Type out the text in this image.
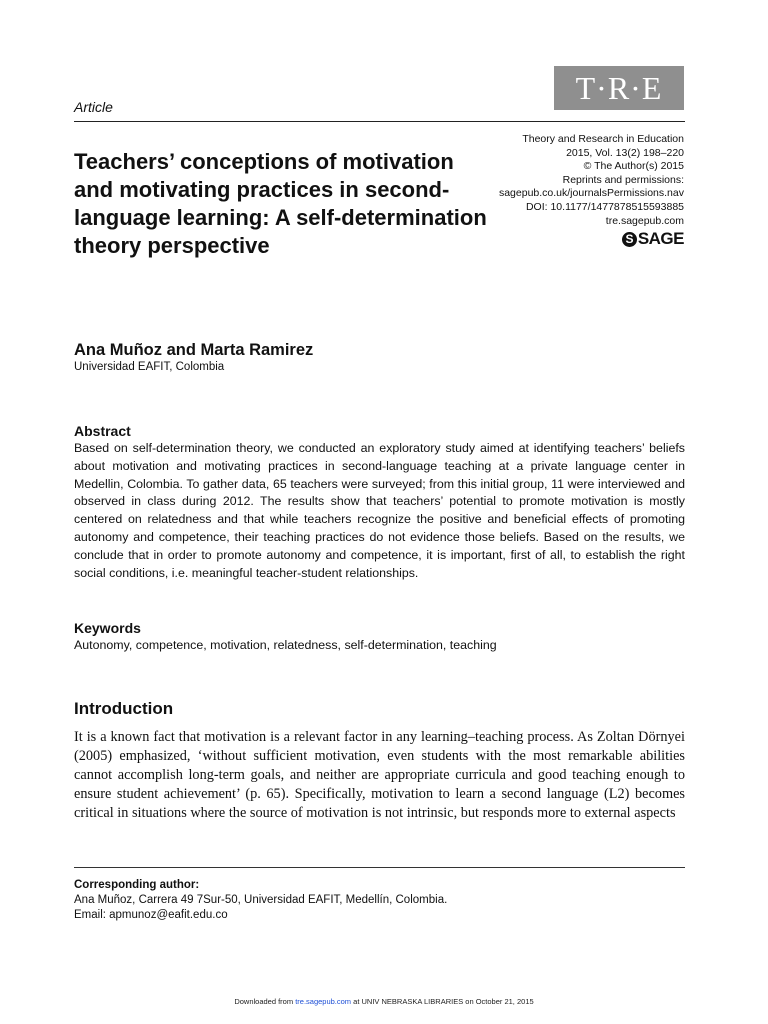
Article
T·R·E
Theory and Research in Education
2015, Vol. 13(2) 198–220
© The Author(s) 2015
Reprints and permissions:
sagepub.co.uk/journalsPermissions.nav
DOI: 10.1177/1477878515593885
tre.sagepub.com
S SAGE
Teachers’ conceptions of motivation and motivating practices in second-language learning: A self-determination theory perspective
Ana Muñoz and Marta Ramirez
Universidad EAFIT, Colombia
Abstract
Based on self-determination theory, we conducted an exploratory study aimed at identifying teachers’ beliefs about motivation and motivating practices in second-language teaching at a private language center in Medellin, Colombia. To gather data, 65 teachers were surveyed; from this initial group, 11 were interviewed and observed in class during 2012. The results show that teachers’ potential to promote motivation is mostly centered on relatedness and that while teachers recognize the positive and beneficial effects of promoting autonomy and competence, their teaching practices do not evidence those beliefs. Based on the results, we conclude that in order to promote autonomy and competence, it is important, first of all, to establish the right social conditions, i.e. meaningful teacher-student relationships.
Keywords
Autonomy, competence, motivation, relatedness, self-determination, teaching
Introduction
It is a known fact that motivation is a relevant factor in any learning–teaching process. As Zoltan Dörnyei (2005) emphasized, ‘without sufficient motivation, even students with the most remarkable abilities cannot accomplish long-term goals, and neither are appropriate curricula and good teaching enough to ensure student achievement’ (p. 65). Specifically, motivation to learn a second language (L2) becomes critical in situations where the source of motivation is not intrinsic, but responds more to external aspects
Corresponding author:
Ana Muñoz, Carrera 49 7Sur-50, Universidad EAFIT, Medellín, Colombia.
Email: apmunoz@eafit.edu.co
Downloaded from tre.sagepub.com at UNIV NEBRASKA LIBRARIES on October 21, 2015
